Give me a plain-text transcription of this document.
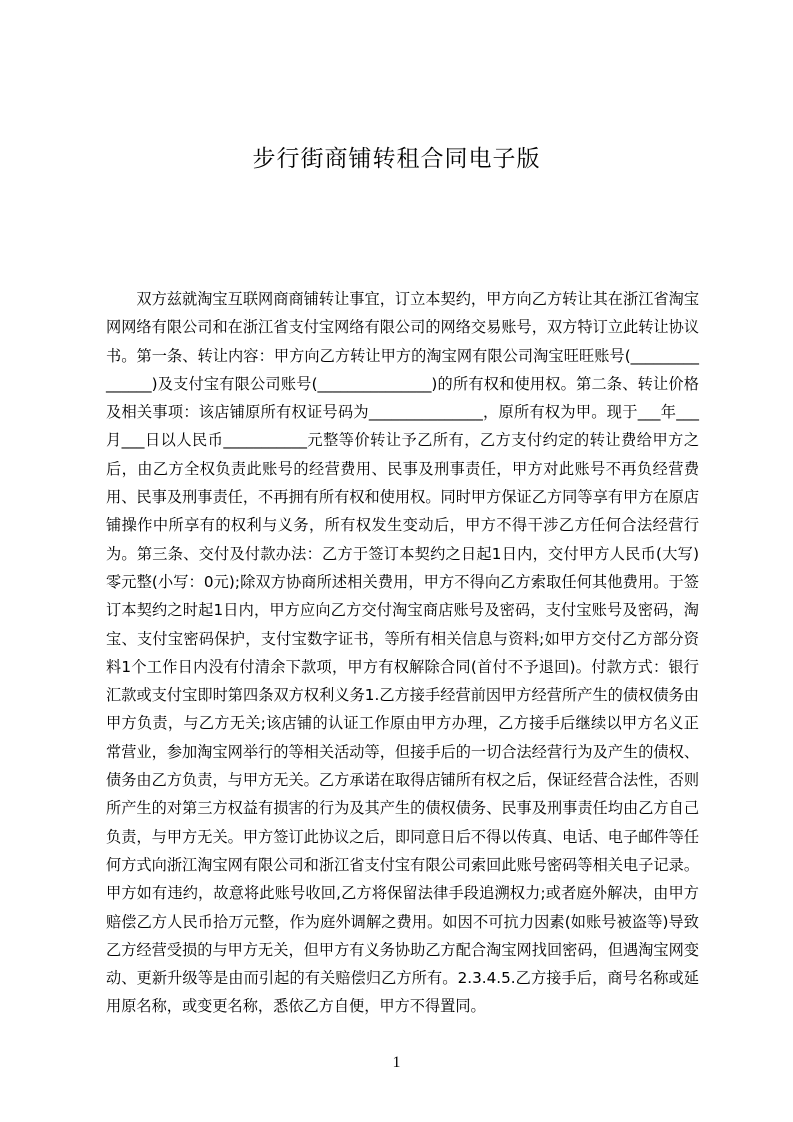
步行街商铺转租合同电子版
双方兹就淘宝互联网商商铺转让事宜，订立本契约，甲方向乙方转让其在浙江省淘宝网网络有限公司和在浙江省支付宝网络有限公司的网络交易账号，双方特订立此转让协议书。第一条、转让内容：甲方向乙方转让甲方的淘宝网有限公司淘宝旺旺账号(_______________)及支付宝有限公司账号(_______________)的所有权和使用权。第二条、转让价格及相关事项：该店铺原所有权证号码为_______________，原所有权为甲。现于___年___月___日以人民币___________元整等价转让予乙所有，乙方支付约定的转让费给甲方之后，由乙方全权负责此账号的经营费用、民事及刑事责任，甲方对此账号不再负经营费用、民事及刑事责任，不再拥有所有权和使用权。同时甲方保证乙方同等享有甲方在原店铺操作中所享有的权利与义务，所有权发生变动后，甲方不得干涉乙方任何合法经营行为。第三条、交付及付款办法：乙方于签订本契约之日起1日内，交付甲方人民币(大写)零元整(小写：0元);除双方协商所述相关费用，甲方不得向乙方索取任何其他费用。于签订本契约之时起1日内，甲方应向乙方交付淘宝商店账号及密码，支付宝账号及密码，淘宝、支付宝密码保护，支付宝数字证书，等所有相关信息与资料;如甲方交付乙方部分资料1个工作日内没有付清余下款项，甲方有权解除合同(首付不予退回)。付款方式：银行汇款或支付宝即时第四条双方权利义务1.乙方接手经营前因甲方经营所产生的债权债务由甲方负责，与乙方无关;该店铺的认证工作原由甲方办理，乙方接手后继续以甲方名义正常营业，参加淘宝网举行的等相关活动等，但接手后的一切合法经营行为及产生的债权、债务由乙方负责，与甲方无关。乙方承诺在取得店铺所有权之后，保证经营合法性，否则所产生的对第三方权益有损害的行为及其产生的债权债务、民事及刑事责任均由乙方自己负责，与甲方无关。甲方签订此协议之后，即同意日后不得以传真、电话、电子邮件等任何方式向浙江淘宝网有限公司和浙江省支付宝有限公司索回此账号密码等相关电子记录。甲方如有违约，故意将此账号收回,乙方将保留法律手段追溯权力;或者庭外解决，由甲方赔偿乙方人民币拾万元整，作为庭外调解之费用。如因不可抗力因素(如账号被盗等)导致乙方经营受损的与甲方无关，但甲方有义务协助乙方配合淘宝网找回密码，但遇淘宝网变动、更新升级等是由而引起的有关赔偿归乙方所有。2.3.4.5.乙方接手后，商号名称或延用原名称，或变更名称，悉依乙方自便，甲方不得置同。
1
